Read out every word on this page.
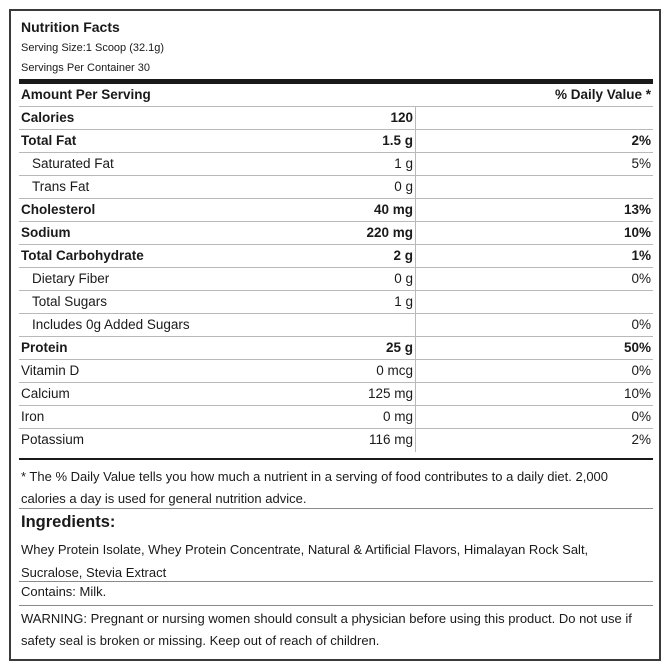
Nutrition Facts
Serving Size:1 Scoop (32.1g)
Servings Per Container 30
Amount Per Serving	% Daily Value *
Calories	120
Total Fat	1.5 g	2%
Saturated Fat	1 g	5%
Trans Fat	0 g
Cholesterol	40 mg	13%
Sodium	220 mg	10%
Total Carbohydrate	2 g	1%
Dietary Fiber	0 g	0%
Total Sugars	1 g
Includes 0g Added Sugars	0%
Protein	25 g	50%
Vitamin D	0 mcg	0%
Calcium	125 mg	10%
Iron	0 mg	0%
Potassium	116 mg	2%
* The % Daily Value tells you how much a nutrient in a serving of food contributes to a daily diet. 2,000 calories a day is used for general nutrition advice.
Ingredients:
Whey Protein Isolate, Whey Protein Concentrate, Natural & Artificial Flavors, Himalayan Rock Salt, Sucralose, Stevia Extract
Contains: Milk.
WARNING: Pregnant or nursing women should consult a physician before using this product. Do not use if safety seal is broken or missing. Keep out of reach of children.
